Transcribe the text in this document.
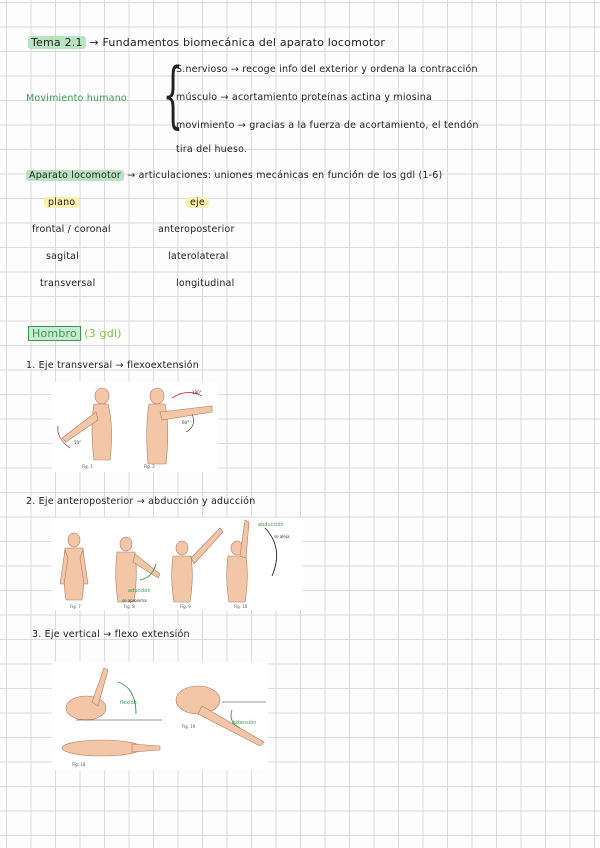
Tema 2.1 → Fundamentos biomecánica del aparato locomotor
Movimiento humano {
S.nervioso → recoge info del exterior y ordena la contracción
músculo → acortamiento proteínas actina y miosina
movimiento → gracias a la fuerza de acortamiento, el tendón
tira del hueso.
Aparato locomotor → articulaciones: uniones mecánicas en función de los gdl (1-6)
plano	eje
frontal / coronal	anteroposterior
sagital	laterolateral
transversal	longitudinal
Hombro (3 gdl)
1. Eje transversal → flexoextensión
180°
50°
60°
Fig. 1	Fig. 2
2. Eje anteroposterior → abducción y aducción
aducción
se aproxima
abducción
se aleja
Fig. 7	Fig. 8	Fig. 9	Fig. 10
3. Eje vertical → flexo extensión
flexión
extensión
Fig. 18
Fig. 19
